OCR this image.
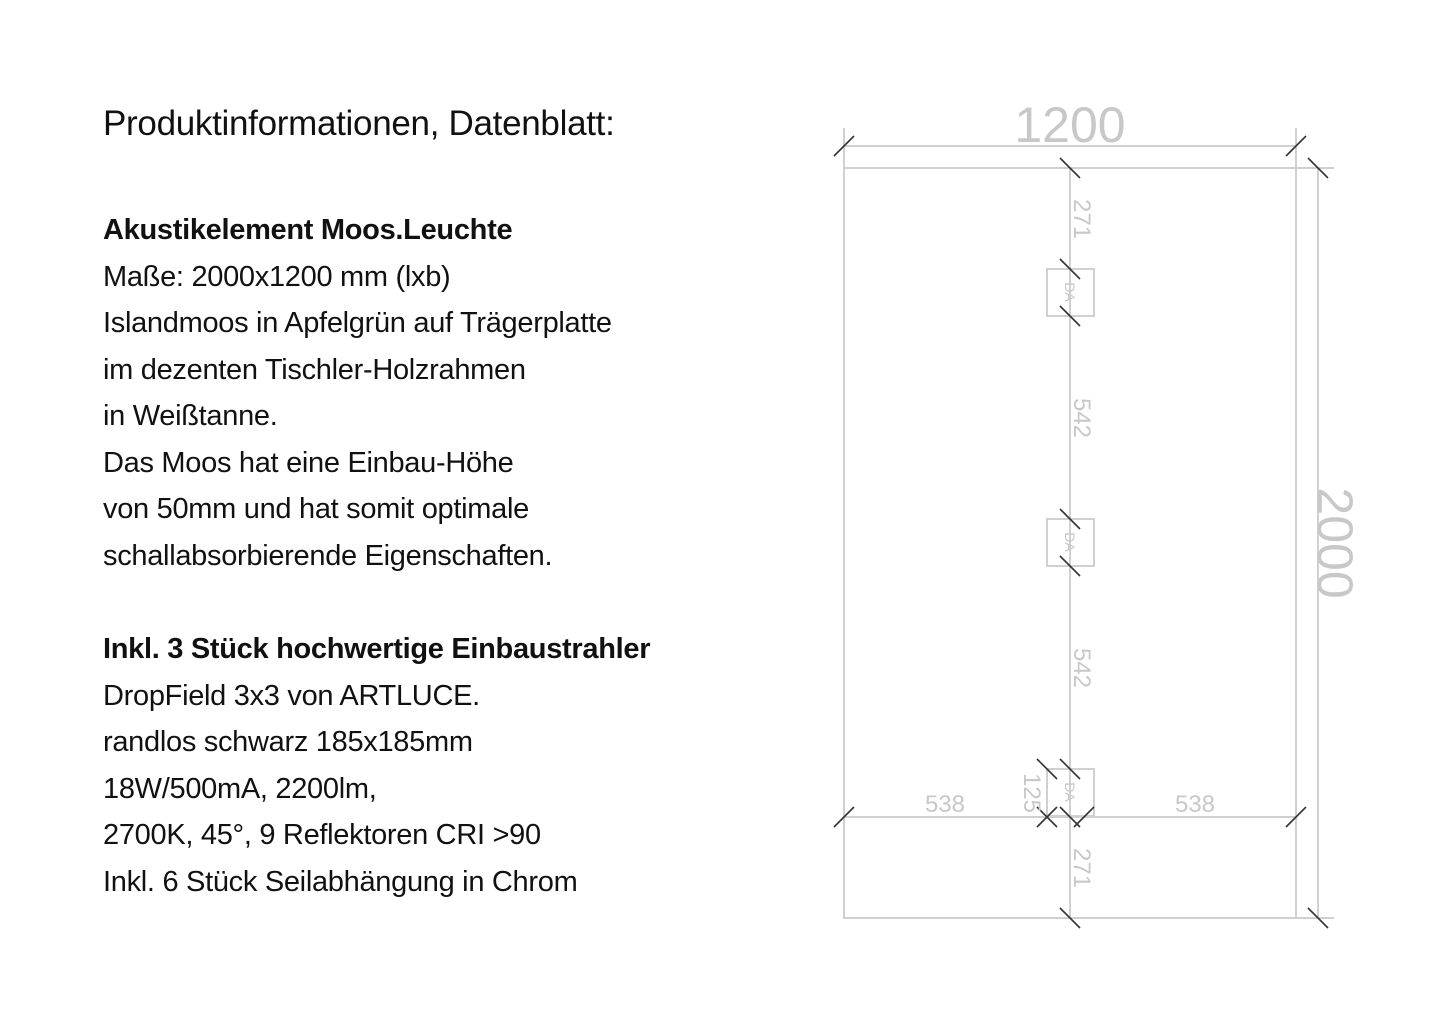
Produktinformationen, Datenblatt:
Akustikelement Moos.Leuchte
Maße: 2000x1200 mm (lxb)
Islandmoos in Apfelgrün auf Trägerplatte
im dezenten Tischler-Holzrahmen
in Weißtanne.
Das Moos hat eine Einbau-Höhe
von 50mm und hat somit optimale
schallabsorbierende Eigenschaften.
Inkl. 3 Stück hochwertige Einbaustrahler
DropField 3x3 von ARTLUCE.
randlos schwarz 185x185mm
18W/500mA, 2200lm,
2700K, 45°, 9 Reflektoren CRI >90
Inkl. 6 Stück Seilabhängung in Chrom
1200
2000
271
542
542
271
538	538
125
DA
DA
DA
